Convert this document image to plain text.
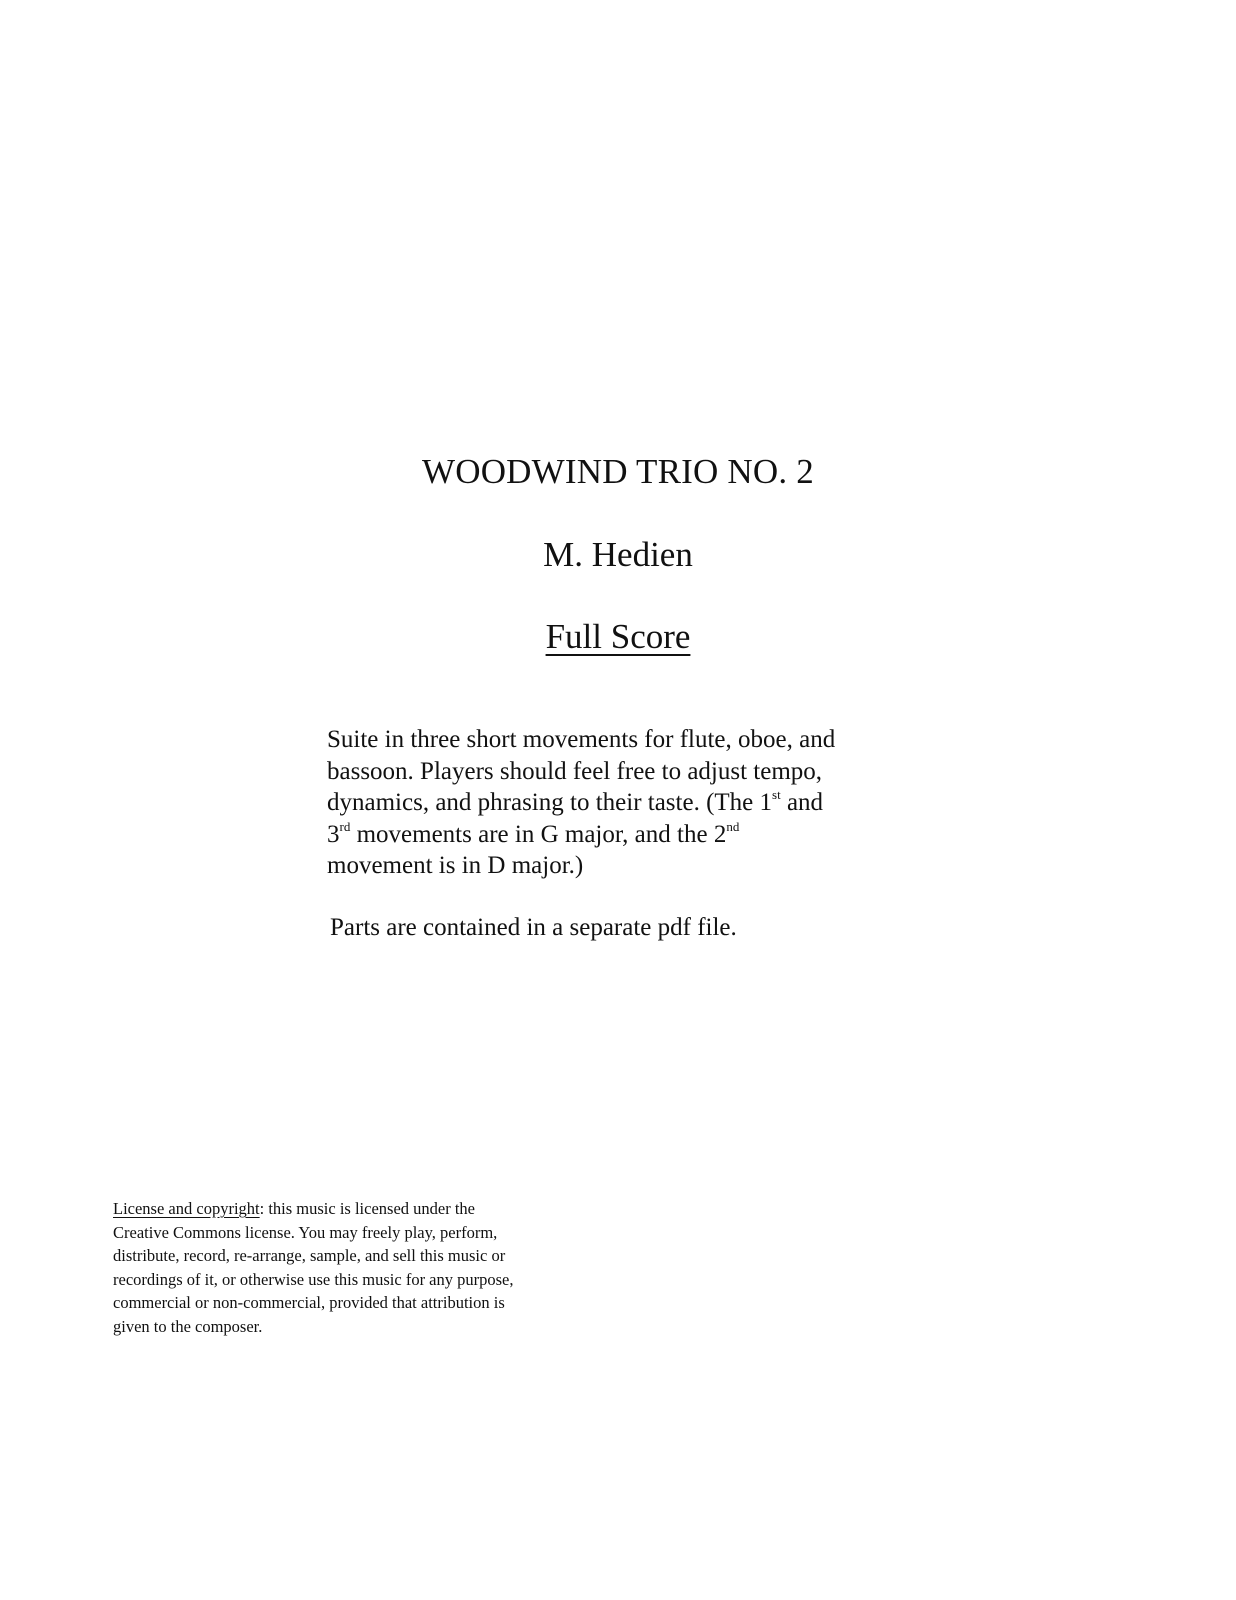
WOODWIND TRIO NO. 2
M. Hedien
Full Score
Suite in three short movements for flute, oboe, and
bassoon. Players should feel free to adjust tempo,
dynamics, and phrasing to their taste. (The 1st and
3rd movements are in G major, and the 2nd
movement is in D major.)
Parts are contained in a separate pdf file.
License and copyright: this music is licensed under the
Creative Commons license. You may freely play, perform,
distribute, record, re-arrange, sample, and sell this music or
recordings of it, or otherwise use this music for any purpose,
commercial or non-commercial, provided that attribution is
given to the composer.
